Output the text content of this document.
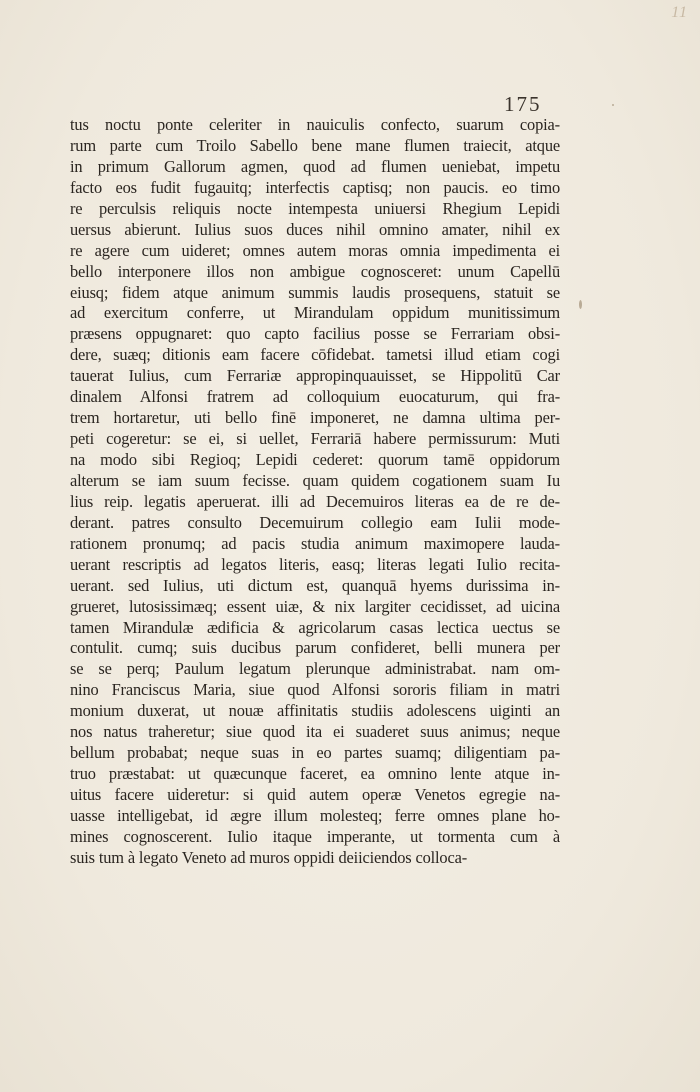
11
175
tus noctu ponte celeriter in nauiculis confecto, suarum copia-
rum parte cum Troilo Sabello bene mane flumen traiecit, atque
in primum Gallorum agmen, quod ad flumen ueniebat, impetu
facto eos fudit fugauitq; interfectis captisq; non paucis. eo timo
re perculsis reliquis nocte intempesta uniuersi Rhegium Lepidi
uersus abierunt. Iulius suos duces nihil omnino amater, nihil ex
re agere cum uideret; omnes autem moras omnia impedimenta ei
bello interponere illos non ambigue cognosceret: unum Capellū
eiusq; fidem atque animum summis laudis prosequens, statuit se
ad exercitum conferre, ut Mirandulam oppidum munitissimum
præsens oppugnaret: quo capto facilius posse se Ferrariam obsi-
dere, suæq; ditionis eam facere cōfidebat. tametsi illud etiam cogi
tauerat Iulius, cum Ferrariæ appropinquauisset, se Hippolitū Car
dinalem Alfonsi fratrem ad colloquium euocaturum, qui fra-
trem hortaretur, uti bello finē imponeret, ne damna ultima per-
peti cogeretur: se ei, si uellet, Ferrariā habere permissurum: Muti
na modo sibi Regioq; Lepidi cederet: quorum tamē oppidorum
alterum se iam suum fecisse. quam quidem cogationem suam Iu
lius reip. legatis aperuerat. illi ad Decemuiros literas ea de re de-
derant. patres consulto Decemuirum collegio eam Iulii mode-
rationem pronumq; ad pacis studia animum maximopere lauda-
uerant rescriptis ad legatos literis, easq; literas legati Iulio recita-
uerant. sed Iulius, uti dictum est, quanquā hyems durissima in-
grueret, lutosissimæq; essent uiæ, & nix largiter cecidisset, ad uicina
tamen Mirandulæ ædificia & agricolarum casas lectica uectus se
contulit. cumq; suis ducibus parum confideret, belli munera per
se se perq; Paulum legatum plerunque administrabat. nam om-
nino Franciscus Maria, siue quod Alfonsi sororis filiam in matri
monium duxerat, ut nouæ affinitatis studiis adolescens uiginti an
nos natus traheretur; siue quod ita ei suaderet suus animus; neque
bellum probabat; neque suas in eo partes suamq; diligentiam pa-
truo præstabat: ut quæcunque faceret, ea omnino lente atque in-
uitus facere uideretur: si quid autem operæ Venetos egregie na-
uasse intelligebat, id ægre illum molesteq; ferre omnes plane ho-
mines cognoscerent. Iulio itaque imperante, ut tormenta cum à
suis tum à legato Veneto ad muros oppidi deiiciendos colloca-
